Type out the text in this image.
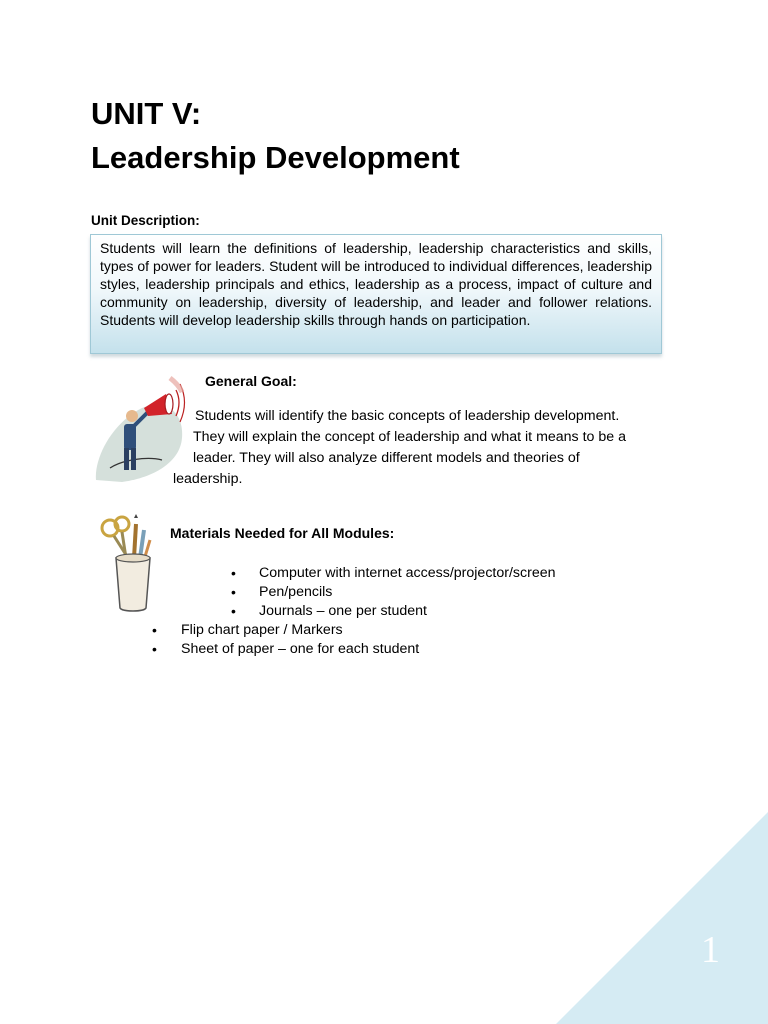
UNIT V:
Leadership Development
Unit Description:
Students will learn the definitions of leadership, leadership characteristics and skills, types of power for leaders. Student will be introduced to individual differences, leadership styles, leadership principals and ethics, leadership as a process, impact of culture and community on leadership, diversity of leadership, and leader and follower relations. Students will develop leadership skills through hands on participation.
General Goal:
Students will identify the basic concepts of leadership development.
They will explain the concept of leadership and what it means to be a
leader. They will also analyze different models and theories of
leadership.
Materials Needed for All Modules:
• Computer with internet access/projector/screen
• Pen/pencils
• Journals – one per student
• Flip chart paper / Markers
• Sheet of paper – one for each student
1
